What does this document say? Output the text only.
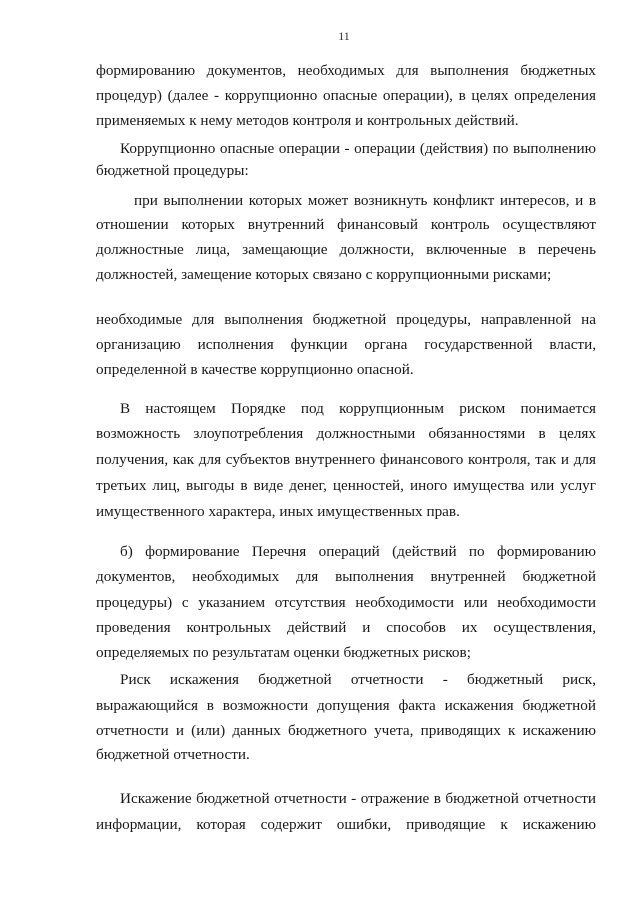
11
формированию документов, необходимых для выполнения бюджетных
процедур) (далее - коррупционно опасные операции), в целях определения
применяемых к нему методов контроля и контрольных действий.
Коррупционно опасные операции - операции (действия) по выполнению
бюджетной процедуры:
при выполнении которых может возникнуть конфликт интересов, и в
отношении которых внутренний финансовый контроль осуществляют
должностные лица, замещающие должности, включенные в перечень
должностей, замещение которых связано с коррупционными рисками;
необходимые для выполнения бюджетной процедуры, направленной на
организацию исполнения функции органа государственной власти,
определенной в качестве коррупционно опасной.
В настоящем Порядке под коррупционным риском понимается
возможность злоупотребления должностными обязанностями в целях
получения, как для субъектов внутреннего финансового контроля, так и для
третьих лиц, выгоды в виде денег, ценностей, иного имущества или услуг
имущественного характера, иных имущественных прав.
б) формирование Перечня операций (действий по формированию
документов, необходимых для выполнения внутренней бюджетной
процедуры) с указанием отсутствия необходимости или необходимости
проведения контрольных действий и способов их осуществления,
определяемых по результатам оценки бюджетных рисков;
Риск искажения бюджетной отчетности - бюджетный риск,
выражающийся в возможности допущения факта искажения бюджетной
отчетности и (или) данных бюджетного учета, приводящих к искажению
бюджетной отчетности.
Искажение бюджетной отчетности - отражение в бюджетной отчетности
информации, которая содержит ошибки, приводящие к искажению
